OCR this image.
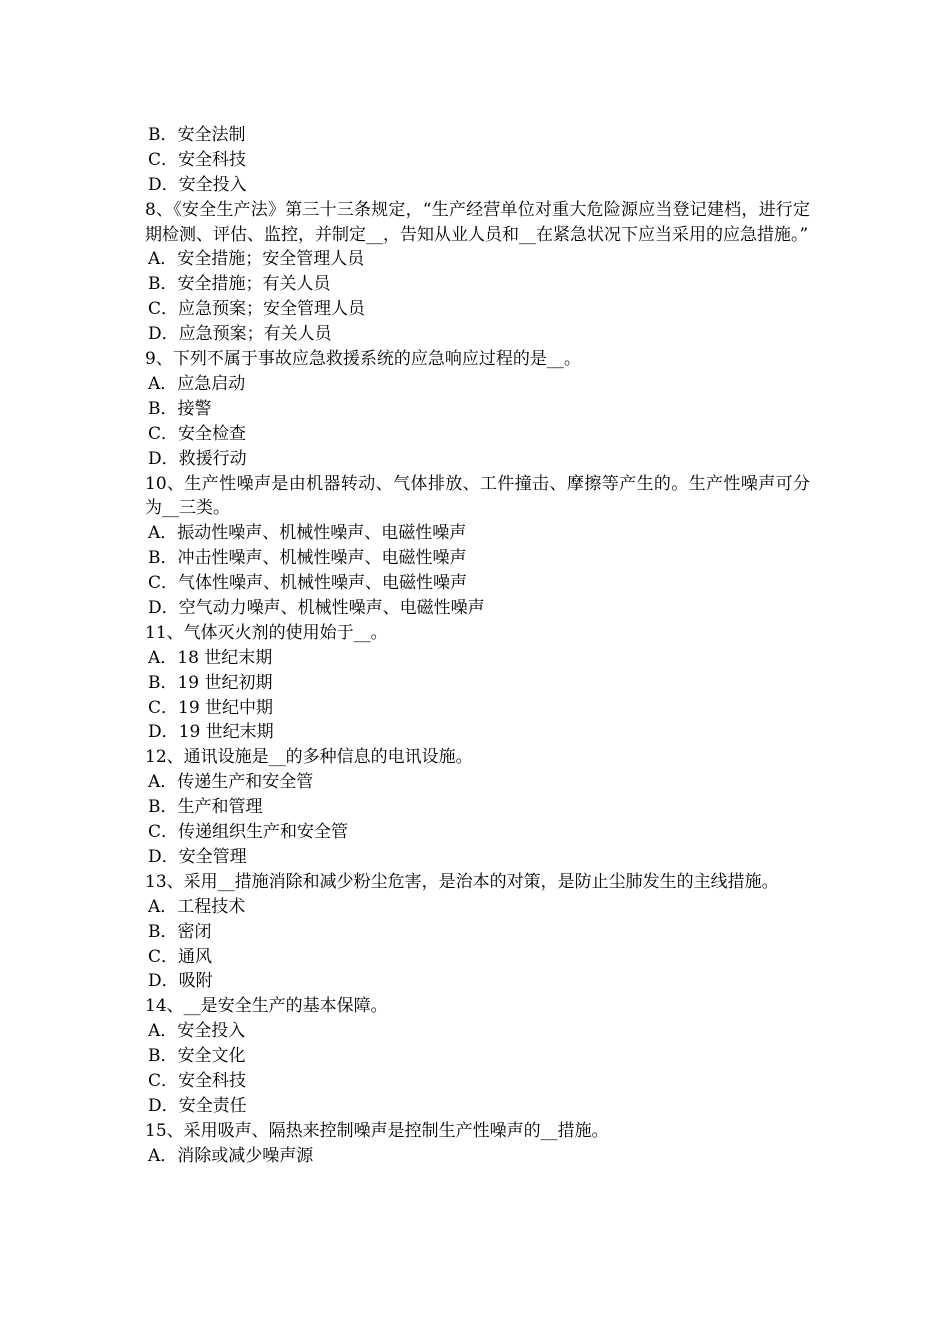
B．安全法制
C．安全科技
D．安全投入
8、《安全生产法》第三十三条规定，“生产经营单位对重大危险源应当登记建档，进行定期检测、评估、监控，并制定__，告知从业人员和__在紧急状况下应当采用的应急措施。”
A．安全措施；安全管理人员
B．安全措施；有关人员
C．应急预案；安全管理人员
D．应急预案；有关人员
9、下列不属于事故应急救援系统的应急响应过程的是__。
A．应急启动
B．接警
C．安全检查
D．救援行动
10、生产性噪声是由机器转动、气体排放、工件撞击、摩擦等产生的。生产性噪声可分为__三类。
A．振动性噪声、机械性噪声、电磁性噪声
B．冲击性噪声、机械性噪声、电磁性噪声
C．气体性噪声、机械性噪声、电磁性噪声
D．空气动力噪声、机械性噪声、电磁性噪声
11、气体灭火剂的使用始于__。
A．18 世纪末期
B．19 世纪初期
C．19 世纪中期
D．19 世纪末期
12、通讯设施是__的多种信息的电讯设施。
A．传递生产和安全管
B．生产和管理
C．传递组织生产和安全管
D．安全管理
13、采用__措施消除和减少粉尘危害，是治本的对策，是防止尘肺发生的主线措施。
A．工程技术
B．密闭
C．通风
D．吸附
14、__是安全生产的基本保障。
A．安全投入
B．安全文化
C．安全科技
D．安全责任
15、采用吸声、隔热来控制噪声是控制生产性噪声的__措施。
A．消除或减少噪声源
